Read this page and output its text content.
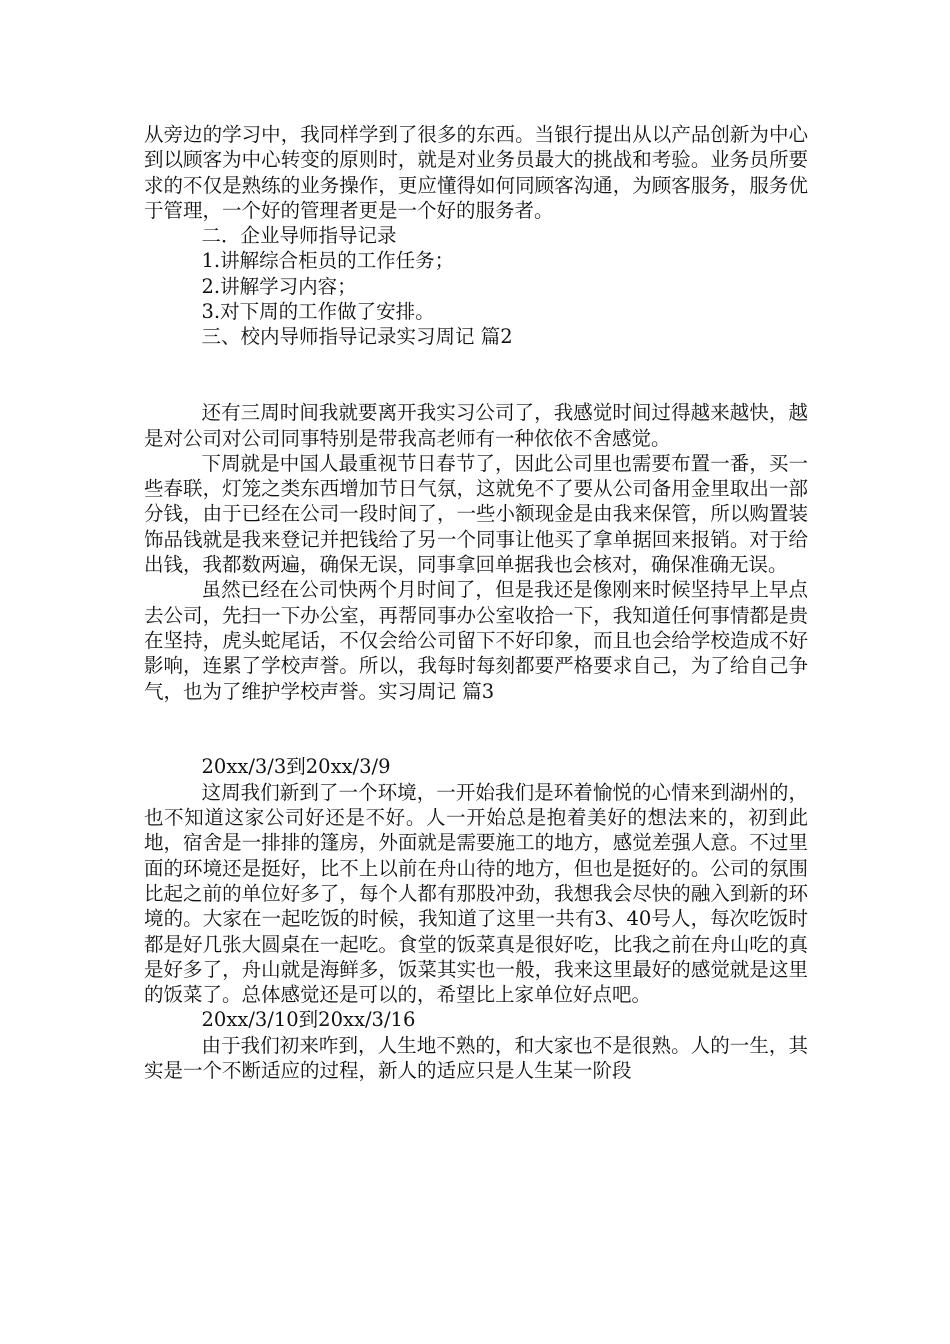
从旁边的学习中，我同样学到了很多的东西。当银行提出从以产品创新为中心到以顾客为中心转变的原则时，就是对业务员最大的挑战和考验。业务员所要求的不仅是熟练的业务操作，更应懂得如何同顾客沟通，为顾客服务，服务优于管理，一个好的管理者更是一个好的服务者。

二．企业导师指导记录

1.讲解综合柜员的工作任务；

2.讲解学习内容；

3.对下周的工作做了安排。

三、校内导师指导记录实习周记 篇2

还有三周时间我就要离开我实习公司了，我感觉时间过得越来越快，越是对公司对公司同事特别是带我高老师有一种依依不舍感觉。

下周就是中国人最重视节日春节了，因此公司里也需要布置一番，买一些春联，灯笼之类东西增加节日气氛，这就免不了要从公司备用金里取出一部分钱，由于已经在公司一段时间了，一些小额现金是由我来保管，所以购置装饰品钱就是我来登记并把钱给了另一个同事让他买了拿单据回来报销。对于给出钱，我都数两遍，确保无误，同事拿回单据我也会核对，确保准确无误。

虽然已经在公司快两个月时间了，但是我还是像刚来时候坚持早上早点去公司，先扫一下办公室，再帮同事办公室收拾一下，我知道任何事情都是贵在坚持，虎头蛇尾话，不仅会给公司留下不好印象，而且也会给学校造成不好影响，连累了学校声誉。所以，我每时每刻都要严格要求自己，为了给自己争气，也为了维护学校声誉。实习周记 篇3

20xx/3/3到20xx/3/9

这周我们新到了一个环境，一开始我们是环着愉悦的心情来到湖州的，也不知道这家公司好还是不好。人一开始总是抱着美好的想法来的，初到此地，宿舍是一排排的篷房，外面就是需要施工的地方，感觉差强人意。不过里面的环境还是挺好，比不上以前在舟山待的地方，但也是挺好的。公司的氛围比起之前的单位好多了，每个人都有那股冲劲，我想我会尽快的融入到新的环境的。大家在一起吃饭的时候，我知道了这里一共有3、40号人，每次吃饭时都是好几张大圆桌在一起吃。食堂的饭菜真是很好吃，比我之前在舟山吃的真是好多了，舟山就是海鲜多，饭菜其实也一般，我来这里最好的感觉就是这里的饭菜了。总体感觉还是可以的，希望比上家单位好点吧。

20xx/3/10到20xx/3/16

由于我们初来咋到，人生地不熟的，和大家也不是很熟。人的一生，其实是一个不断适应的过程，新人的适应只是人生某一阶段
